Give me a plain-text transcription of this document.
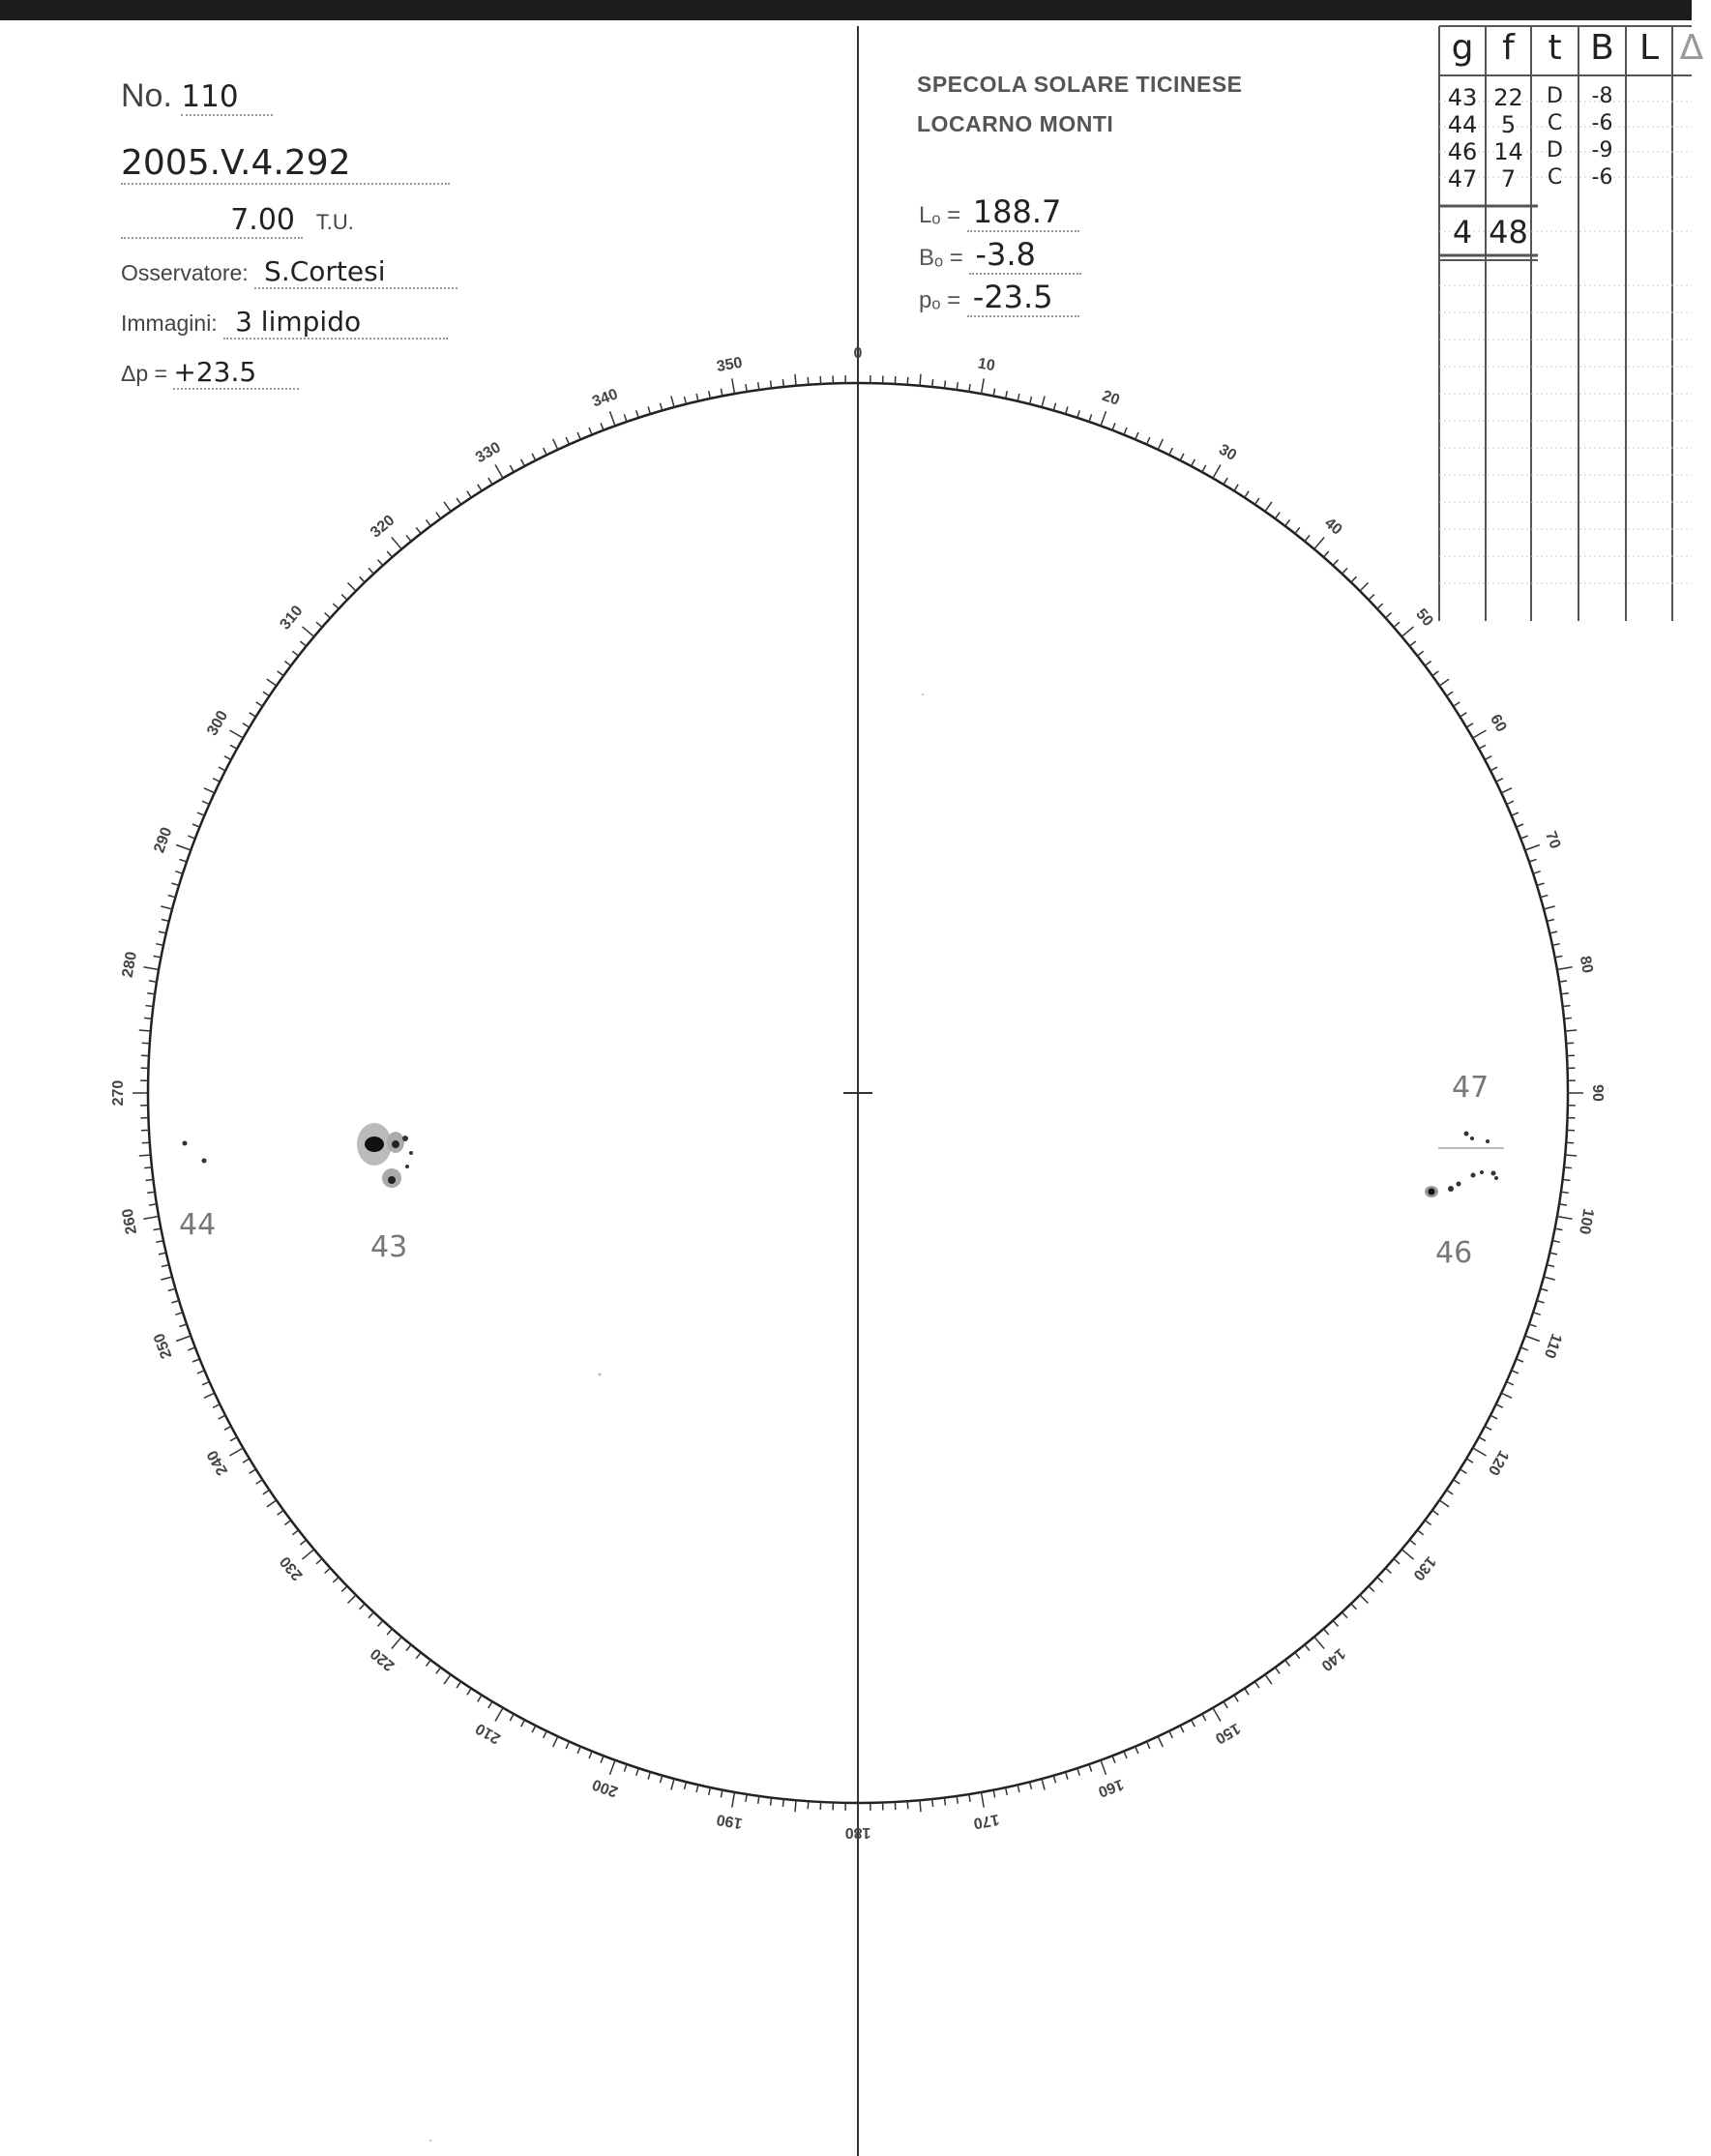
No. 110
2005.V.4.292
7.00 T.U.
Osservatore: S.Cortesi
Immagini: 3 limpido
Δp = +23.5
SPECOLA SOLARE TICINESE
LOCARNO MONTI
Lₒ = 188.7
Bₒ = -3.8
pₒ = -23.5
g f t B L Δ
43 22	D	-8
44	5	C	-6
46 14	D	-9
47	7	C	-6
4 48
0
10
20
30
40
50
60
70
80
90
100
110
120
130
140
150
160
170
180
190
200
210
220
230
240
250
260
270
280
290
300
310
320
330
340
350
44
43	46
47
